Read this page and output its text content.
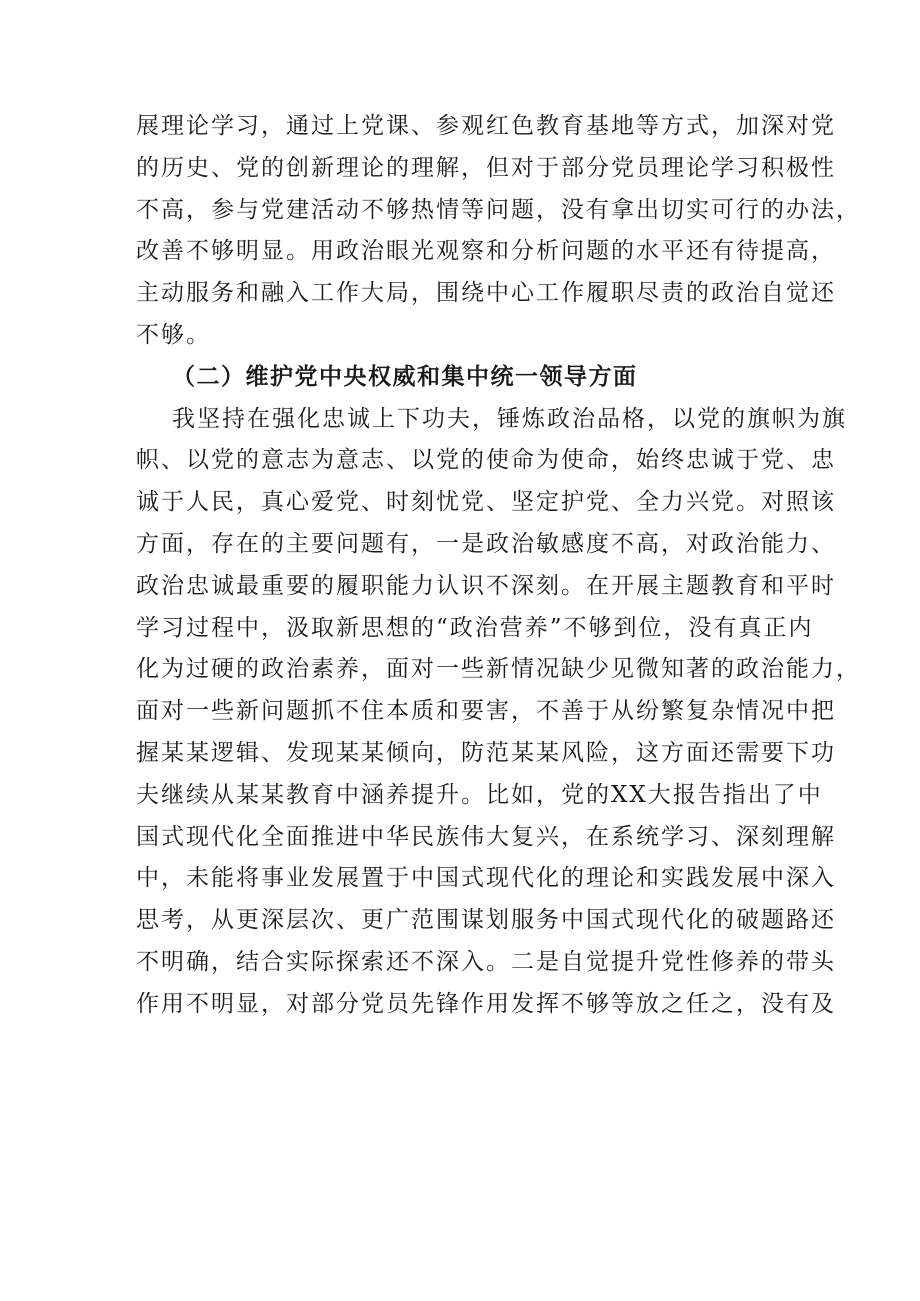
展理论学习，通过上党课、参观红色教育基地等方式，加深对党
的历史、党的创新理论的理解，但对于部分党员理论学习积极性
不高，参与党建活动不够热情等问题，没有拿出切实可行的办法，
改善不够明显。用政治眼光观察和分析问题的水平还有待提高，
主动服务和融入工作大局，围绕中心工作履职尽责的政治自觉还
不够。
（二）维护党中央权威和集中统一领导方面
我坚持在强化忠诚上下功夫，锤炼政治品格，以党的旗帜为旗
帜、以党的意志为意志、以党的使命为使命，始终忠诚于党、忠
诚于人民，真心爱党、时刻忧党、坚定护党、全力兴党。对照该
方面，存在的主要问题有，一是政治敏感度不高，对政治能力、
政治忠诚最重要的履职能力认识不深刻。在开展主题教育和平时
学习过程中，汲取新思想的“政治营养”不够到位，没有真正内
化为过硬的政治素养，面对一些新情况缺少见微知著的政治能力，
面对一些新问题抓不住本质和要害，不善于从纷繁复杂情况中把
握某某逻辑、发现某某倾向，防范某某风险，这方面还需要下功
夫继续从某某教育中涵养提升。比如，党的XX大报告指出了中
国式现代化全面推进中华民族伟大复兴，在系统学习、深刻理解
中，未能将事业发展置于中国式现代化的理论和实践发展中深入
思考，从更深层次、更广范围谋划服务中国式现代化的破题路还
不明确，结合实际探索还不深入。二是自觉提升党性修养的带头
作用不明显，对部分党员先锋作用发挥不够等放之任之，没有及
